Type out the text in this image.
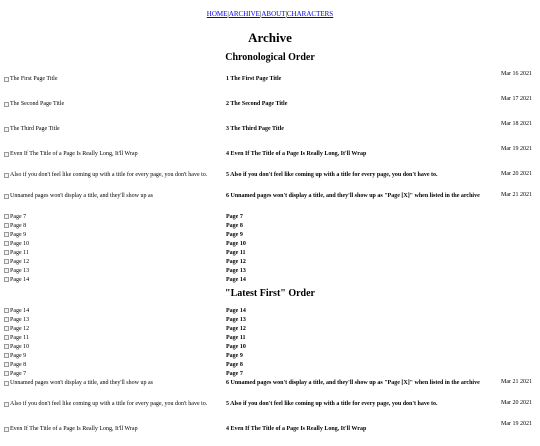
HOME|ARCHIVE|ABOUT|CHARACTERS
Archive
Chronological Order
The First Page Title	1 The First Page Title	Mar 16 2021

The Second Page Title	2 The Second Page Title	Mar 17 2021

The Third Page Title	3 The Third Page Title	Mar 18 2021

Even If The Title of a Page Is Really Long, It'll Wrap	4 Even If The Title of a Page Is Really Long, It'll Wrap	Mar 19 2021

Also if you don't feel like coming up with a title for every page, you don't have to.	5 Also if you don't feel like coming up with a title for every page, you don't have to.	Mar 20 2021

Unnamed pages won't display a title, and they'll show up as	6 Unnamed pages won't display a title, and they'll show up as "Page [X]" when listed in the archive	Mar 21 2021

Page 7	Page 7	

Page 8	Page 8	

Page 9	Page 9	

Page 10	Page 10	

Page 11	Page 11	

Page 12	Page 12	

Page 13	Page 13	

Page 14	Page 14	
"Latest First" Order
Page 14	Page 14	

Page 13	Page 13	

Page 12	Page 12	

Page 11	Page 11	

Page 10	Page 10	

Page 9	Page 9	

Page 8	Page 8	

Page 7	Page 7	

Unnamed pages won't display a title, and they'll show up as	6 Unnamed pages won't display a title, and they'll show up as "Page [X]" when listed in the archive	Mar 21 2021

Also if you don't feel like coming up with a title for every page, you don't have to.	5 Also if you don't feel like coming up with a title for every page, you don't have to.	Mar 20 2021

Even If The Title of a Page Is Really Long, It'll Wrap	4 Even If The Title of a Page Is Really Long, It'll Wrap	Mar 19 2021
